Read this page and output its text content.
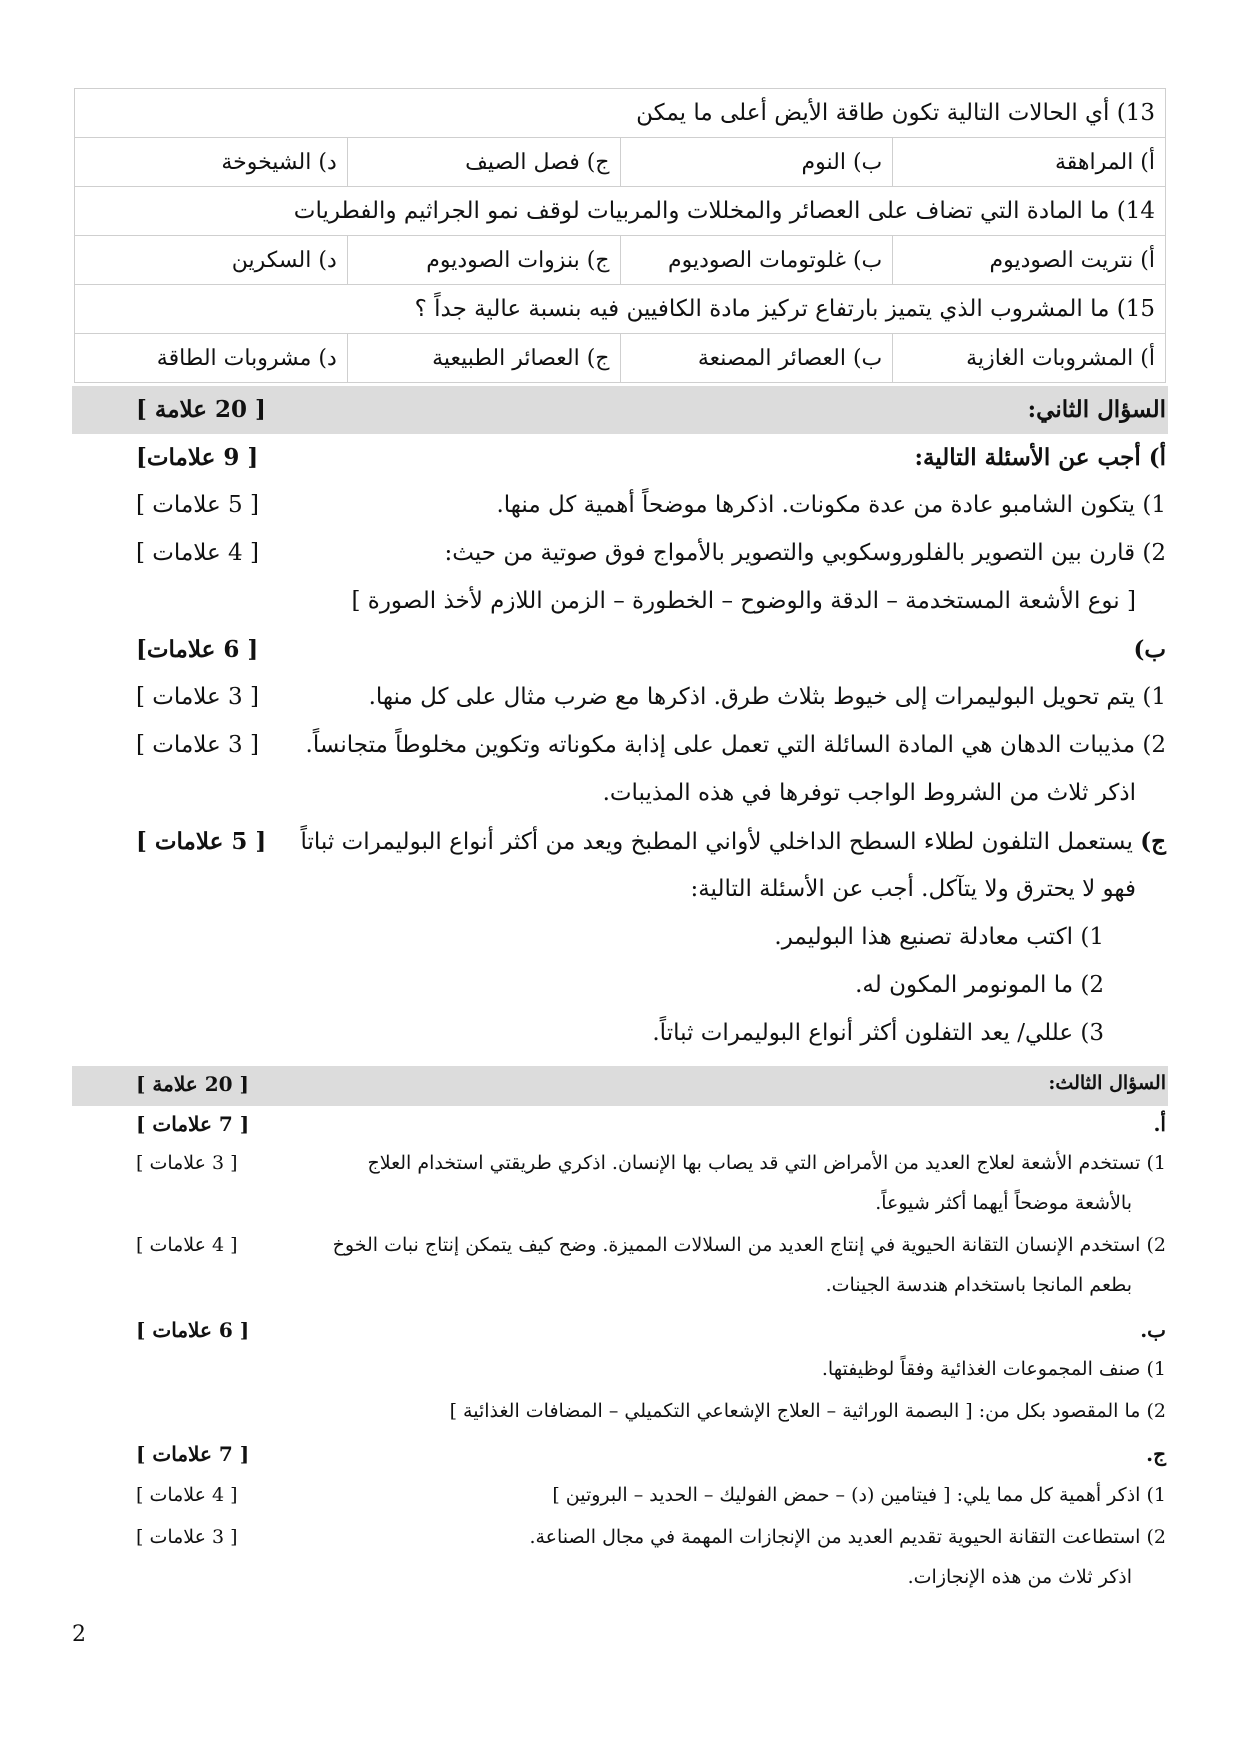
13) أي الحالات التالية تكون طاقة الأيض أعلى ما يمكن			
أ) المراهقة	ب) النوم	ج) فصل الصيف	د) الشيخوخة
14) ما المادة التي تضاف على العصائر والمخللات والمربيات لوقف نمو الجراثيم والفطريات			
أ) نتريت الصوديوم	ب) غلوتومات الصوديوم	ج) بنزوات الصوديوم	د) السكرين
15) ما المشروب الذي يتميز بارتفاع تركيز مادة الكافيين فيه بنسبة عالية جداً ؟			
أ) المشروبات الغازية	ب) العصائر المصنعة	ج) العصائر الطبيعية	د) مشروبات الطاقة
السؤال الثاني:
[ 20 علامة ]
أ) أجب عن الأسئلة التالية:
[ 9 علامات]
1) يتكون الشامبو عادة من عدة مكونات. اذكرها موضحاً أهمية كل منها.
[ 5 علامات ]
2) قارن بين التصوير بالفلوروسكوبي والتصوير بالأمواج فوق صوتية من حيث:
[ 4 علامات ]
[ نوع الأشعة المستخدمة – الدقة والوضوح – الخطورة – الزمن اللازم لأخذ الصورة ]
ب)
[ 6 علامات]
1) يتم تحويل البوليمرات إلى خيوط بثلاث طرق. اذكرها مع ضرب مثال على كل منها.
[ 3 علامات ]
2) مذيبات الدهان هي المادة السائلة التي تعمل على إذابة مكوناته وتكوين مخلوطاً متجانساً.
[ 3 علامات ]
اذكر ثلاث من الشروط الواجب توفرها في هذه المذيبات.
ج) يستعمل التلفون لطلاء السطح الداخلي لأواني المطبخ ويعد من أكثر أنواع البوليمرات ثباتاً
[ 5 علامات ]
فهو لا يحترق ولا يتآكل. أجب عن الأسئلة التالية:
1) اكتب معادلة تصنيع هذا البوليمر.
2) ما المونومر المكون له.
3) عللي/ يعد التفلون أكثر أنواع البوليمرات ثباتاً.
السؤال الثالث:
[ 20 علامة ]
أ.
[ 7 علامات ]
1) تستخدم الأشعة لعلاج العديد من الأمراض التي قد يصاب بها الإنسان. اذكري طريقتي استخدام العلاج
[ 3 علامات ]
بالأشعة موضحاً أيهما أكثر شيوعاً.
2) استخدم الإنسان التقانة الحيوية في إنتاج العديد من السلالات المميزة. وضح كيف يتمكن إنتاج نبات الخوخ
[ 4 علامات ]
بطعم المانجا باستخدام هندسة الجينات.
ب.
[ 6 علامات ]
1) صنف المجموعات الغذائية وفقاً لوظيفتها.
2) ما المقصود بكل من: [ البصمة الوراثية – العلاج الإشعاعي التكميلي – المضافات الغذائية ]
ج.
[ 7 علامات ]
1) اذكر أهمية كل مما يلي: [ فيتامين (د) – حمض الفوليك – الحديد – البروتين ]
[ 4 علامات ]
2) استطاعت التقانة الحيوية تقديم العديد من الإنجازات المهمة في مجال الصناعة.
[ 3 علامات ]
اذكر ثلاث من هذه الإنجازات.
2
